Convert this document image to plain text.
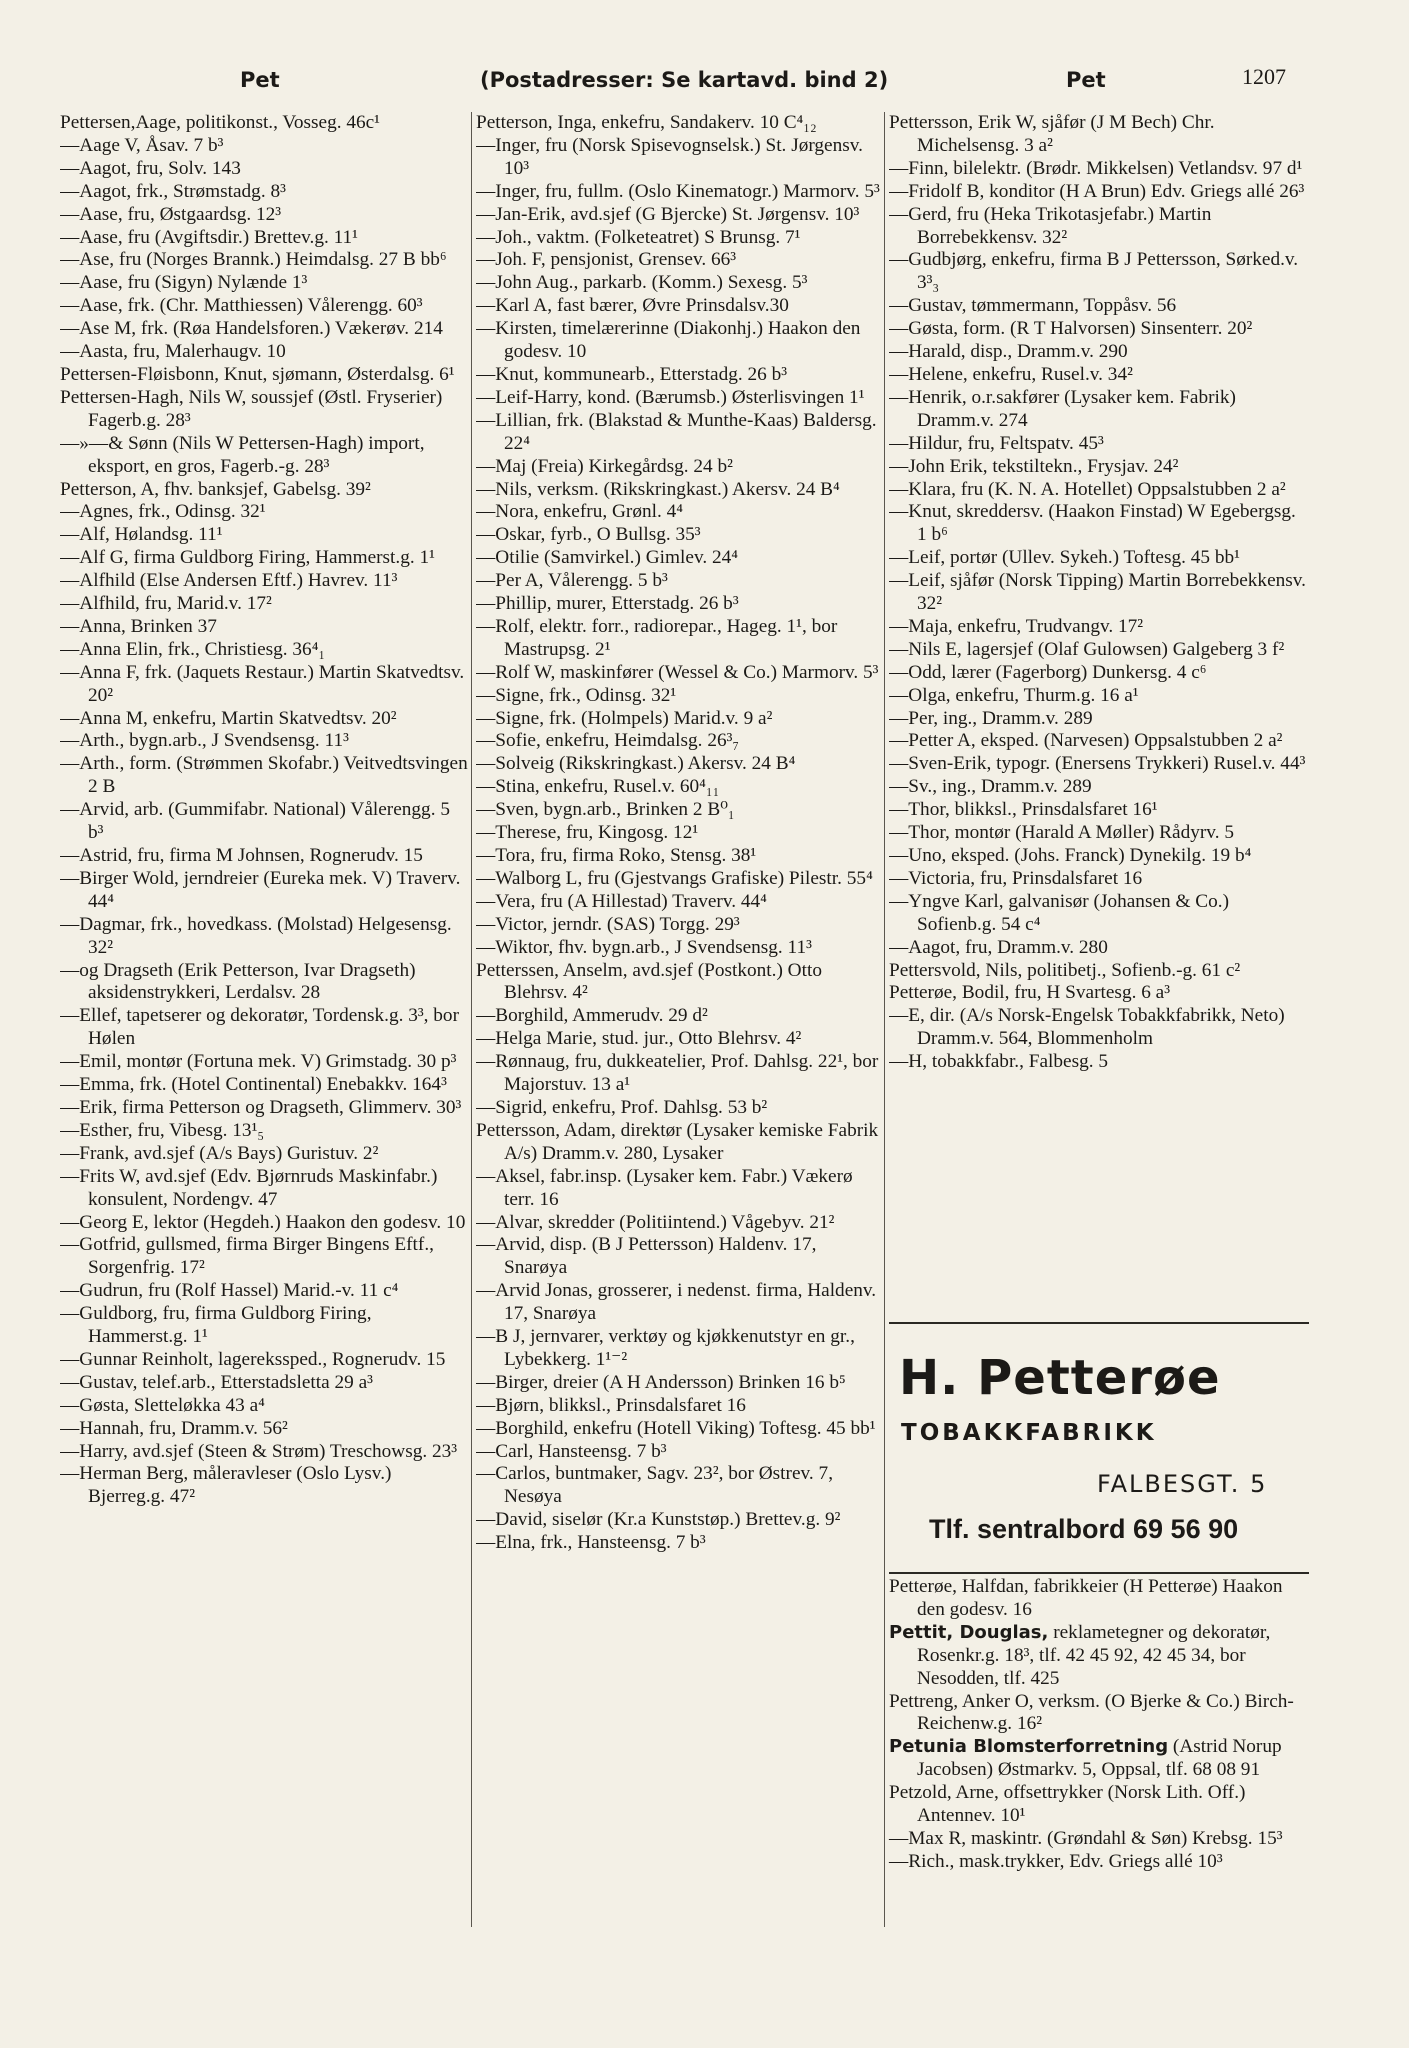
Pet	(Postadresser: Se kartavd. bind 2)	Pet	1207

Pettersen,Aage, politikonst., Vosseg. 46c¹

—Aage V, Åsav. 7 b³

—Aagot, fru, Solv. 143

—Aagot, frk., Strømstadg. 8³

—Aase, fru, Østgaardsg. 12³

—Aase, fru (Avgiftsdir.) Brettev.g. 11¹

—Ase, fru (Norges Brannk.) Heimdalsg. 27 B bb⁶

—Aase, fru (Sigyn) Nylænde 1³

—Aase, frk. (Chr. Matthiessen) Vålerengg. 60³

—Ase M, frk. (Røa Handelsforen.) Vækerøv. 214

—Aasta, fru, Malerhaugv. 10

Pettersen-Fløisbonn, Knut, sjømann, Østerdalsg. 6¹

Pettersen-Hagh, Nils W, soussjef (Østl. Fryserier) Fagerb.g. 28³

—»—& Sønn (Nils W Pettersen-Hagh) import, eksport, en gros, Fagerb.-g. 28³

Petterson, A, fhv. banksjef, Gabelsg. 39²

—Agnes, frk., Odinsg. 32¹

—Alf, Hølandsg. 11¹

—Alf G, firma Guldborg Firing, Hammerst.g. 1¹

—Alfhild (Else Andersen Eftf.) Havrev. 11³

—Alfhild, fru, Marid.v. 17²

—Anna, Brinken 37

—Anna Elin, frk., Christiesg. 36⁴₁

—Anna F, frk. (Jaquets Restaur.) Martin Skatvedtsv. 20²

—Anna M, enkefru, Martin Skatvedtsv. 20²

—Arth., bygn.arb., J Svendsensg. 11³

—Arth., form. (Strømmen Skofabr.) Veitvedtsvingen 2 B

—Arvid, arb. (Gummifabr. National) Vålerengg. 5 b³

—Astrid, fru, firma M Johnsen, Rognerudv. 15

—Birger Wold, jerndreier (Eureka mek. V) Traverv. 44⁴

—Dagmar, frk., hovedkass. (Molstad) Helgesensg. 32²

—og Dragseth (Erik Petterson, Ivar Dragseth) aksidenstrykkeri, Lerdalsv. 28

—Ellef, tapetserer og dekoratør, Tordensk.g. 3³, bor Hølen

—Emil, montør (Fortuna mek. V) Grimstadg. 30 p³

—Emma, frk. (Hotel Continental) Enebakkv. 164³

—Erik, firma Petterson og Dragseth, Glimmerv. 30³

—Esther, fru, Vibesg. 13¹₅

—Frank, avd.sjef (A/s Bays) Guristuv. 2²

—Frits W, avd.sjef (Edv. Bjørnruds Maskinfabr.) konsulent, Nordengv. 47

—Georg E, lektor (Hegdeh.) Haakon den godesv. 10

—Gotfrid, gullsmed, firma Birger Bingens Eftf., Sorgenfrig. 17²

—Gudrun, fru (Rolf Hassel) Marid.-v. 11 c⁴

—Guldborg, fru, firma Guldborg Firing, Hammerst.g. 1¹

—Gunnar Reinholt, lagerekssped., Rognerudv. 15

—Gustav, telef.arb., Etterstadsletta 29 a³

—Gøsta, Sletteløkka 43 a⁴

—Hannah, fru, Dramm.v. 56²

—Harry, avd.sjef (Steen & Strøm) Treschowsg. 23³

—Herman Berg, måleravleser (Oslo Lysv.) Bjerreg.g. 47²

Petterson, Inga, enkefru, Sandakerv. 10 C⁴₁₂

—Inger, fru (Norsk Spisevognselsk.) St. Jørgensv. 10³

—Inger, fru, fullm. (Oslo Kinematogr.) Marmorv. 5³

—Jan-Erik, avd.sjef (G Bjercke) St. Jørgensv. 10³

—Joh., vaktm. (Folketeatret) S Brunsg. 7¹

—Joh. F, pensjonist, Grensev. 66³

—John Aug., parkarb. (Komm.) Sexesg. 5³

—Karl A, fast bærer, Øvre Prinsdalsv.30

—Kirsten, timelærerinne (Diakonhj.) Haakon den godesv. 10

—Knut, kommunearb., Etterstadg. 26 b³

—Leif-Harry, kond. (Bærumsb.) Østerlisvingen 1¹

—Lillian, frk. (Blakstad & Munthe-Kaas) Baldersg. 22⁴

—Maj (Freia) Kirkegårdsg. 24 b²

—Nils, verksm. (Rikskringkast.) Akersv. 24 B⁴

—Nora, enkefru, Grønl. 4⁴

—Oskar, fyrb., O Bullsg. 35³

—Otilie (Samvirkel.) Gimlev. 24⁴

—Per A, Vålerengg. 5 b³

—Phillip, murer, Etterstadg. 26 b³

—Rolf, elektr. forr., radiorepar., Hageg. 1¹, bor Mastrupsg. 2¹

—Rolf W, maskinfører (Wessel & Co.) Marmorv. 5³

—Signe, frk., Odinsg. 32¹

—Signe, frk. (Holmpels) Marid.v. 9 a²

—Sofie, enkefru, Heimdalsg. 26³₇

—Solveig (Rikskringkast.) Akersv. 24 B⁴

—Stina, enkefru, Rusel.v. 60⁴₁₁

—Sven, bygn.arb., Brinken 2 B⁰₁

—Therese, fru, Kingosg. 12¹

—Tora, fru, firma Roko, Stensg. 38¹

—Walborg L, fru (Gjestvangs Grafiske) Pilestr. 55⁴

—Vera, fru (A Hillestad) Traverv. 44⁴

—Victor, jerndr. (SAS) Torgg. 29³

—Wiktor, fhv. bygn.arb., J Svendsensg. 11³

Petterssen, Anselm, avd.sjef (Postkont.) Otto Blehrsv. 4²

—Borghild, Ammerudv. 29 d²

—Helga Marie, stud. jur., Otto Blehrsv. 4²

—Rønnaug, fru, dukkeatelier, Prof. Dahlsg. 22¹, bor Majorstuv. 13 a¹

—Sigrid, enkefru, Prof. Dahlsg. 53 b²

Pettersson, Adam, direktør (Lysaker kemiske Fabrik A/s) Dramm.v. 280, Lysaker

—Aksel, fabr.insp. (Lysaker kem. Fabr.) Vækerø terr. 16

—Alvar, skredder (Politiintend.) Vågebyv. 21²

—Arvid, disp. (B J Pettersson) Haldenv. 17, Snarøya

—Arvid Jonas, grosserer, i nedenst. firma, Haldenv. 17, Snarøya

—B J, jernvarer, verktøy og kjøkkenutstyr en gr., Lybekkerg. 1¹⁻²

—Birger, dreier (A H Andersson) Brinken 16 b⁵

—Bjørn, blikksl., Prinsdalsfaret 16

—Borghild, enkefru (Hotell Viking) Toftesg. 45 bb¹

—Carl, Hansteensg. 7 b³

—Carlos, buntmaker, Sagv. 23², bor Østrev. 7, Nesøya

—David, siselør (Kr.a Kunststøp.) Brettev.g. 9²

—Elna, frk., Hansteensg. 7 b³

Pettersson, Erik W, sjåfør (J M Bech) Chr. Michelsensg. 3 a²

—Finn, bilelektr. (Brødr. Mikkelsen) Vetlandsv. 97 d¹

—Fridolf B, konditor (H A Brun) Edv. Griegs allé 26³

—Gerd, fru (Heka Trikotasjefabr.) Martin Borrebekkensv. 32²

—Gudbjørg, enkefru, firma B J Pettersson, Sørked.v. 3³₃

—Gustav, tømmermann, Toppåsv. 56

—Gøsta, form. (R T Halvorsen) Sinsenterr. 20²

—Harald, disp., Dramm.v. 290

—Helene, enkefru, Rusel.v. 34²

—Henrik, o.r.sakfører (Lysaker kem. Fabrik) Dramm.v. 274

—Hildur, fru, Feltspatv. 45³

—John Erik, tekstiltekn., Frysjav. 24²

—Klara, fru (K. N. A. Hotellet) Oppsalstubben 2 a²

—Knut, skreddersv. (Haakon Finstad) W Egebergsg. 1 b⁶

—Leif, portør (Ullev. Sykeh.) Toftesg. 45 bb¹

—Leif, sjåfør (Norsk Tipping) Martin Borrebekkensv. 32²

—Maja, enkefru, Trudvangv. 17²

—Nils E, lagersjef (Olaf Gulowsen) Galgeberg 3 f²

—Odd, lærer (Fagerborg) Dunkersg. 4 c⁶

—Olga, enkefru, Thurm.g. 16 a¹

—Per, ing., Dramm.v. 289

—Petter A, eksped. (Narvesen) Oppsalstubben 2 a²

—Sven-Erik, typogr. (Enersens Trykkeri) Rusel.v. 44³

—Sv., ing., Dramm.v. 289

—Thor, blikksl., Prinsdalsfaret 16¹

—Thor, montør (Harald A Møller) Rådyrv. 5

—Uno, eksped. (Johs. Franck) Dynekilg. 19 b⁴

—Victoria, fru, Prinsdalsfaret 16

—Yngve Karl, galvanisør (Johansen & Co.) Sofienb.g. 54 c⁴

—Aagot, fru, Dramm.v. 280

Pettersvold, Nils, politibetj., Sofienb.-g. 61 c²

Petterøe, Bodil, fru, H Svartesg. 6 a³

—E, dir. (A/s Norsk-Engelsk Tobakkfabrikk, Neto) Dramm.v. 564, Blommenholm

—H, tobakkfabr., Falbesg. 5

H. Petterøe
TOBAKKFABRIKK
FALBESGT. 5
Tlf. sentralbord 69 56 90

Petterøe, Halfdan, fabrikkeier (H Petterøe) Haakon den godesv. 16

Pettit, Douglas, reklametegner og dekoratør, Rosenkr.g. 18³, tlf. 42 45 92, 42 45 34, bor Nesodden, tlf. 425

Pettreng, Anker O, verksm. (O Bjerke & Co.) Birch-Reichenw.g. 16²

Petunia Blomsterforretning (Astrid Norup Jacobsen) Østmarkv. 5, Oppsal, tlf. 68 08 91

Petzold, Arne, offsettrykker (Norsk Lith. Off.) Antennev. 10¹

—Max R, maskintr. (Grøndahl & Søn) Krebsg. 15³

—Rich., mask.trykker, Edv. Griegs allé 10³
